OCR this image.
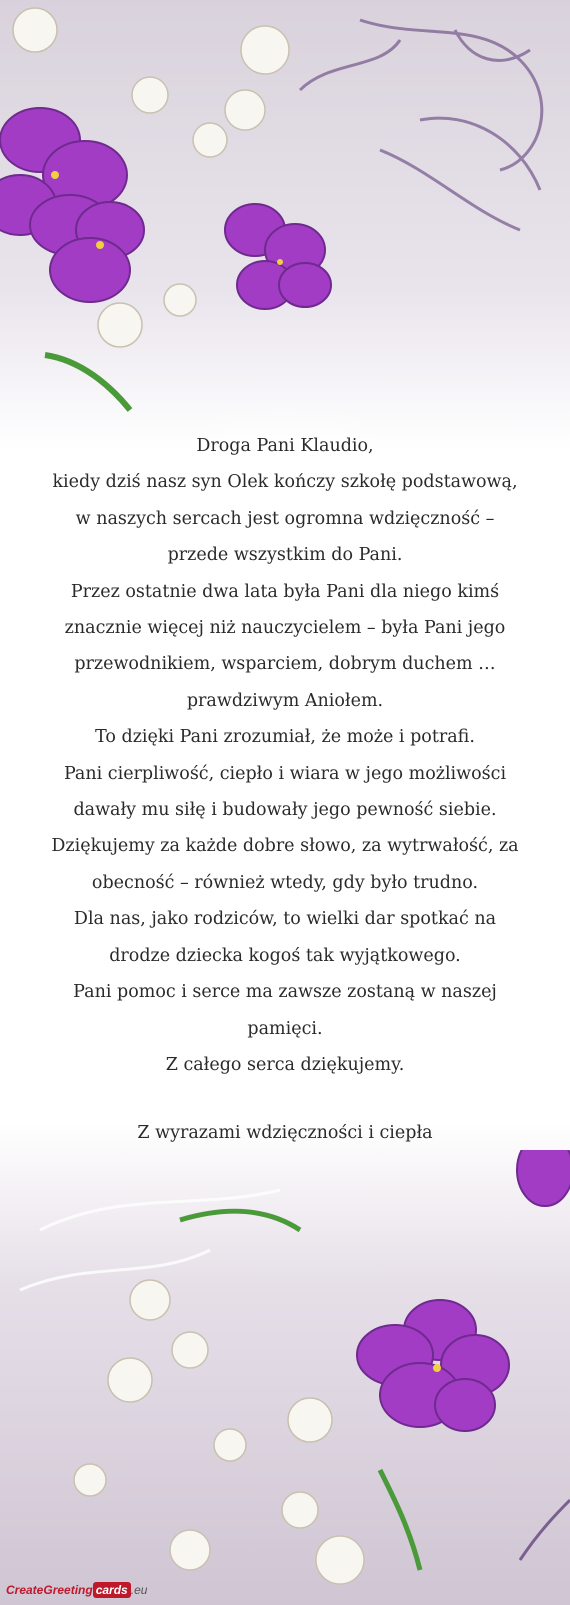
Droga Pani Klaudio,

kiedy dziś nasz syn Olek kończy szkołę podstawową,

w naszych sercach jest ogromna wdzięczność –

przede wszystkim do Pani.

Przez ostatnie dwa lata była Pani dla niego kimś

znacznie więcej niż nauczycielem – była Pani jego

przewodnikiem, wsparciem, dobrym duchem …

prawdziwym Aniołem.

To dzięki Pani zrozumiał, że może i potrafi.

Pani cierpliwość, ciepło i wiara w jego możliwości

dawały mu siłę i budowały jego pewność siebie.

Dziękujemy za każde dobre słowo, za wytrwałość, za

obecność – również wtedy, gdy było trudno.

Dla nas, jako rodziców, to wielki dar spotkać na

drodze dziecka kogoś tak wyjątkowego.

Pani pomoc i serce ma zawsze zostaną w naszej

pamięci.

Z całego serca dziękujemy.

Z wyrazami wdzięczności i ciepła

CreateGreeting cards .eu
